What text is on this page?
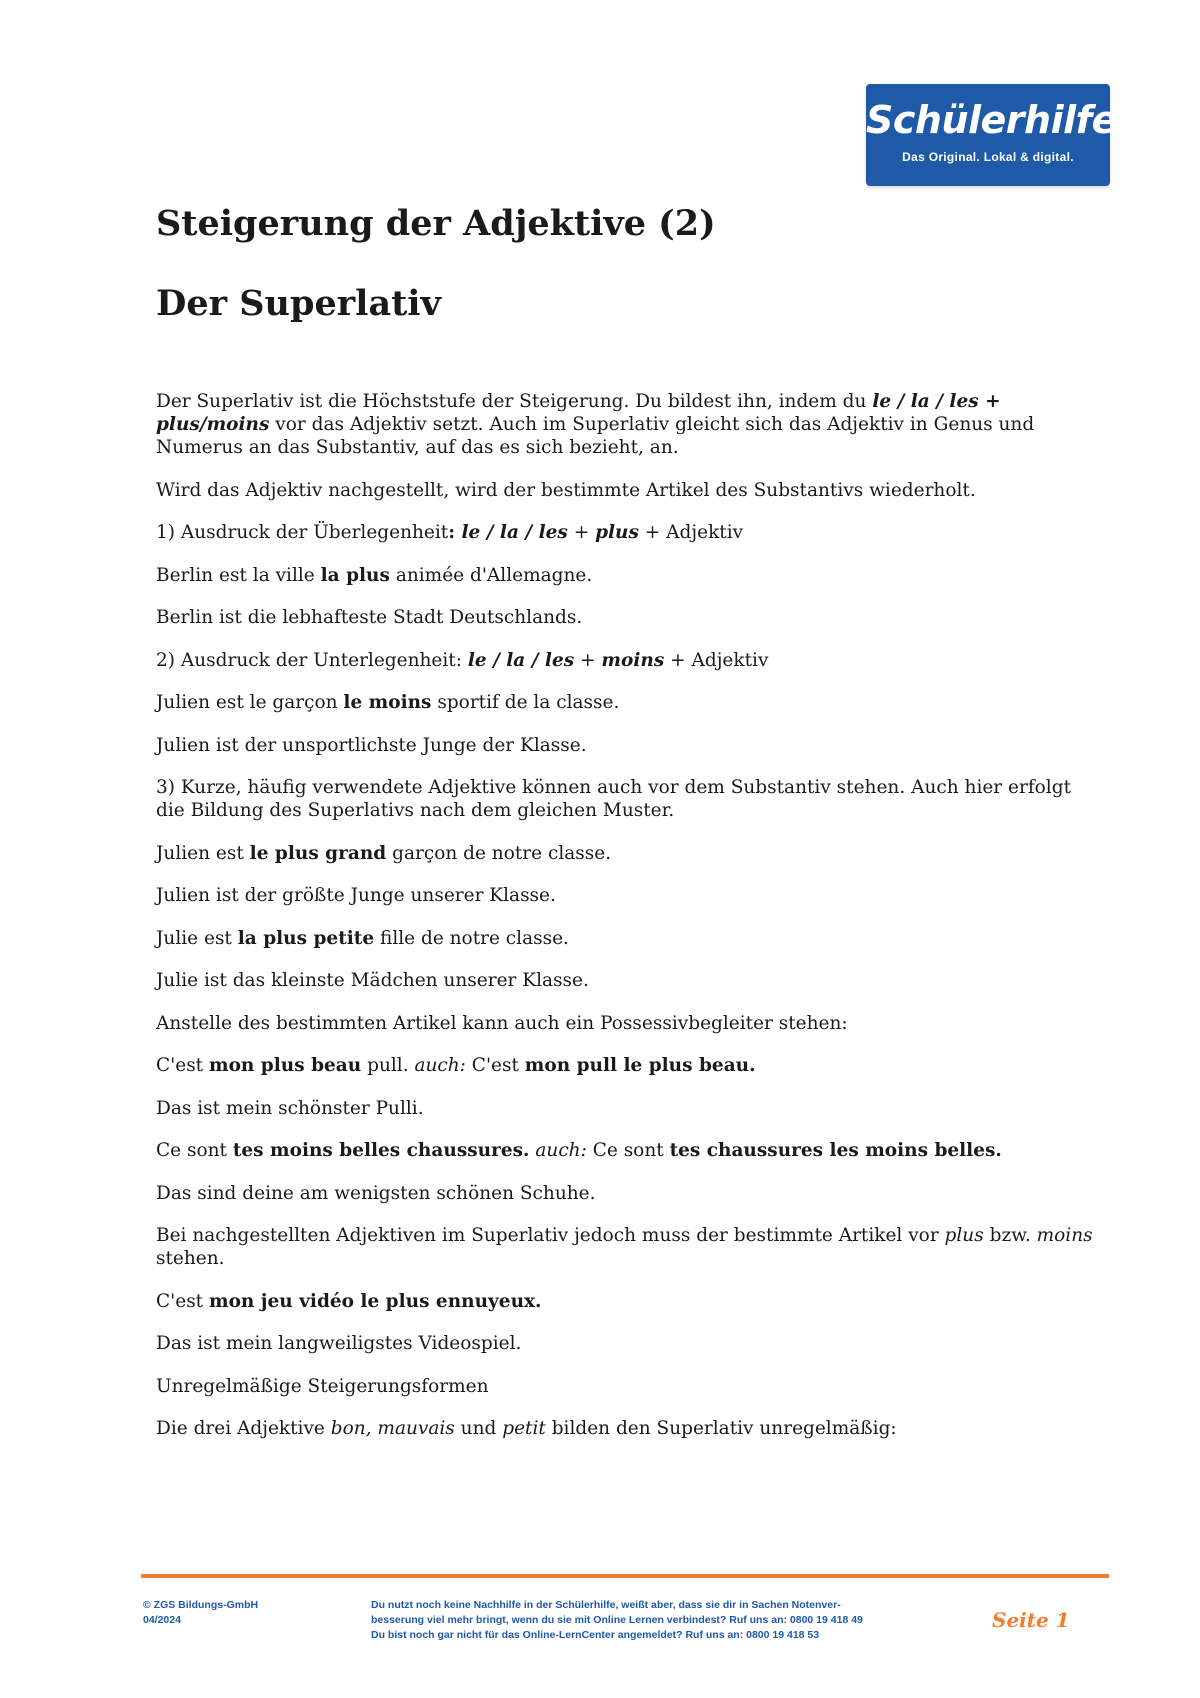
Schülerhilfe!
Das Original. Lokal & digital.
Steigerung der Adjektive (2)
Der Superlativ

Der Superlativ ist die Höchststufe der Steigerung. Du bildest ihn, indem du le / la / les + plus/moins vor das Adjektiv setzt. Auch im Superlativ gleicht sich das Adjektiv in Genus und Numerus an das Substantiv, auf das es sich bezieht, an.

Wird das Adjektiv nachgestellt, wird der bestimmte Artikel des Substantivs wiederholt.

1) Ausdruck der Überlegenheit: le / la / les + plus + Adjektiv

Berlin est la ville la plus animée d'Allemagne.

Berlin ist die lebhafteste Stadt Deutschlands.

2) Ausdruck der Unterlegenheit: le / la / les + moins + Adjektiv

Julien est le garçon le moins sportif de la classe.

Julien ist der unsportlichste Junge der Klasse.

3) Kurze, häufig verwendete Adjektive können auch vor dem Substantiv stehen. Auch hier erfolgt die Bildung des Superlativs nach dem gleichen Muster.

Julien est le plus grand garçon de notre classe.

Julien ist der größte Junge unserer Klasse.

Julie est la plus petite fille de notre classe.

Julie ist das kleinste Mädchen unserer Klasse.

Anstelle des bestimmten Artikel kann auch ein Possessivbegleiter stehen:

C'est mon plus beau pull. auch: C'est mon pull le plus beau.

Das ist mein schönster Pulli.

Ce sont tes moins belles chaussures. auch: Ce sont tes chaussures les moins belles.

Das sind deine am wenigsten schönen Schuhe.

Bei nachgestellten Adjektiven im Superlativ jedoch muss der bestimmte Artikel vor plus bzw. moins stehen.

C'est mon jeu vidéo le plus ennuyeux.

Das ist mein langweiligstes Videospiel.

Unregelmäßige Steigerungsformen

Die drei Adjektive bon, mauvais und petit bilden den Superlativ unregelmäßig:

© ZGS Bildungs-GmbH
04/2024
Du nutzt noch keine Nachhilfe in der Schülerhilfe, weißt aber, dass sie dir in Sachen Notenver-
besserung viel mehr bringt, wenn du sie mit Online Lernen verbindest? Ruf uns an: 0800 19 418 49
Du bist noch gar nicht für das Online-LernCenter angemeldet? Ruf uns an: 0800 19 418 53
Seite 1
